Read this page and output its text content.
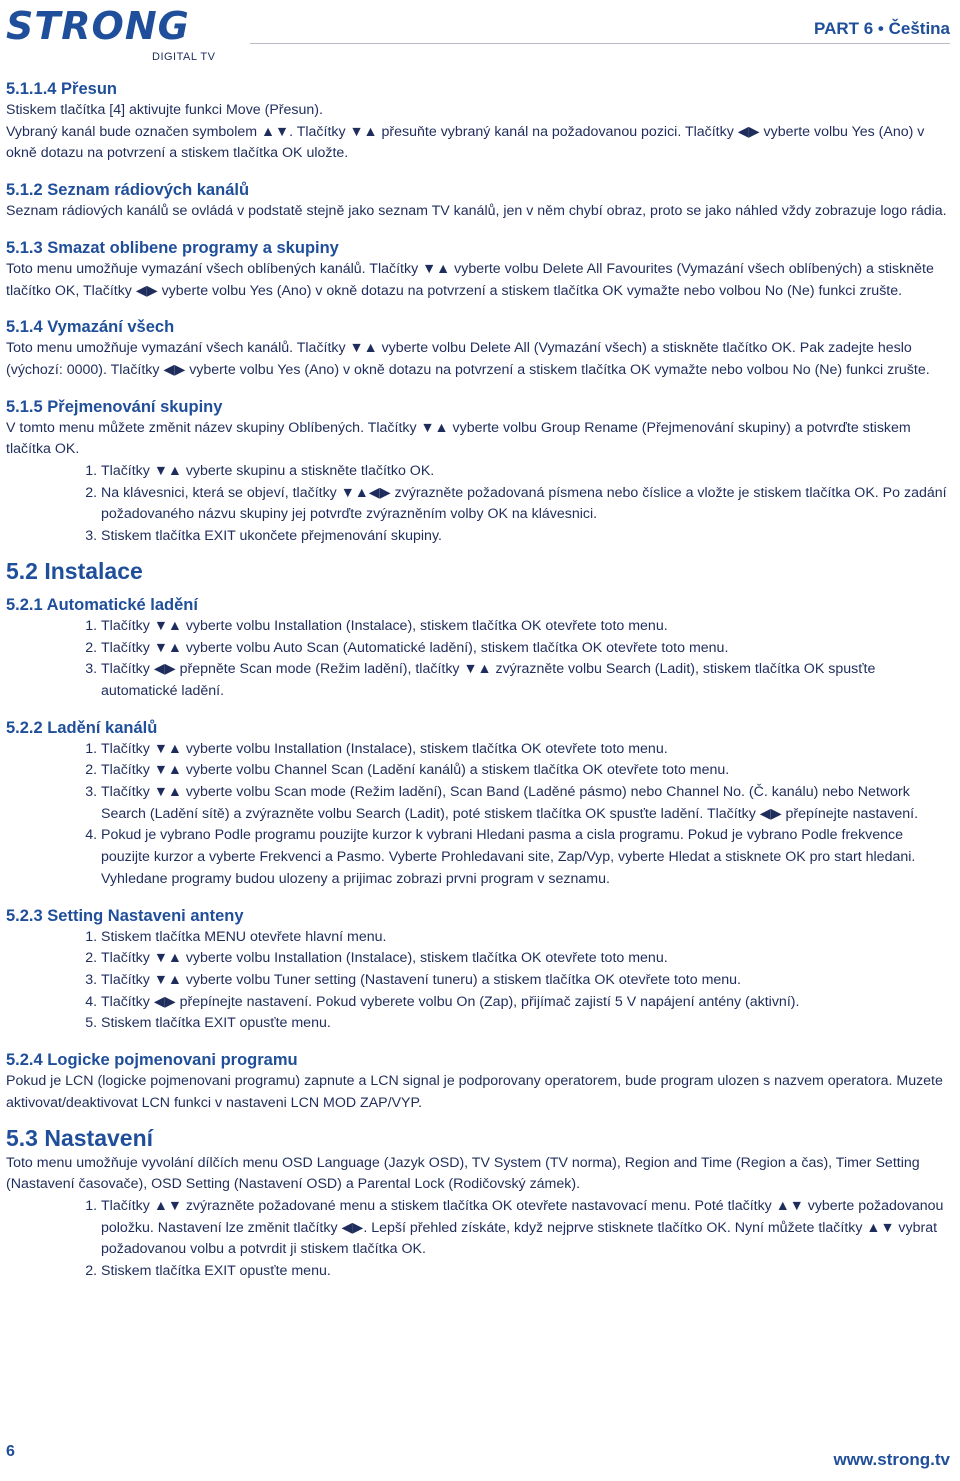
STRONG
DIGITAL TV
PART 6 • Čeština
5.1.1.4 Přesun

Stiskem tlačítka [4] aktivujte funkci Move (Přesun).

Vybraný kanál bude označen symbolem ▲▼. Tlačítky ▼▲ přesuňte vybraný kanál na požadovanou pozici. Tlačítky ◀▶ vyberte volbu Yes (Ano) v okně dotazu na potvrzení a stiskem tlačítka OK uložte.

5.1.2 Seznam rádiových kanálů

Seznam rádiových kanálů se ovládá v podstatě stejně jako seznam TV kanálů, jen v něm chybí obraz, proto se jako náhled vždy zobrazuje logo rádia.

5.1.3 Smazat oblibene programy a skupiny

Toto menu umožňuje vymazání všech oblíbených kanálů. Tlačítky ▼▲ vyberte volbu Delete All Favourites (Vymazání všech oblíbených) a stiskněte tlačítko OK, Tlačítky ◀▶ vyberte volbu Yes (Ano) v okně dotazu na potvrzení a stiskem tlačítka OK vymažte nebo volbou No (Ne) funkci zrušte.

5.1.4 Vymazání všech

Toto menu umožňuje vymazání všech kanálů. Tlačítky ▼▲ vyberte volbu Delete All (Vymazání všech) a stiskněte tlačítko OK. Pak zadejte heslo (výchozí: 0000). Tlačítky ◀▶ vyberte volbu Yes (Ano) v okně dotazu na potvrzení a stiskem tlačítka OK vymažte nebo volbou No (Ne) funkci zrušte.

5.1.5 Přejmenování skupiny

V tomto menu můžete změnit název skupiny Oblíbených. Tlačítky ▼▲ vyberte volbu Group Rename (Přejmenování skupiny) a potvrďte stiskem tlačítka OK.

1. Tlačítky ▼▲ vyberte skupinu a stiskněte tlačítko OK.
2. Na klávesnici, která se objeví, tlačítky ▼▲◀▶ zvýrazněte požadovaná písmena nebo číslice a vložte je stiskem tlačítka OK. Po zadání požadovaného názvu skupiny jej potvrďte zvýrazněním volby OK na klávesnici.
3. Stiskem tlačítka EXIT ukončete přejmenování skupiny.
5.2 Instalace
5.2.1 Automatické ladění
1. Tlačítky ▼▲ vyberte volbu Installation (Instalace), stiskem tlačítka OK otevřete toto menu.
2. Tlačítky ▼▲ vyberte volbu Auto Scan (Automatické ladění), stiskem tlačítka OK otevřete toto menu.
3. Tlačítky ◀▶ přepněte Scan mode (Režim ladění), tlačítky ▼▲ zvýrazněte volbu Search (Ladit), stiskem tlačítka OK spusťte automatické ladění.
5.2.2 Ladění kanálů
1. Tlačítky ▼▲ vyberte volbu Installation (Instalace), stiskem tlačítka OK otevřete toto menu.
2. Tlačítky ▼▲ vyberte volbu Channel Scan (Ladění kanálů) a stiskem tlačítka OK otevřete toto menu.
3. Tlačítky ▼▲ vyberte volbu Scan mode (Režim ladění), Scan Band (Laděné pásmo) nebo Channel No. (Č. kanálu) nebo Network Search (Ladění sítě) a zvýrazněte volbu Search (Ladit), poté stiskem tlačítka OK spusťte ladění. Tlačítky ◀▶ přepínejte nastavení.
4. Pokud je vybrano Podle programu pouzijte kurzor k vybrani Hledani pasma a cisla programu. Pokud je vybrano Podle frekvence pouzijte kurzor a vyberte Frekvenci a Pasmo. Vyberte Prohledavani site, Zap/Vyp, vyberte Hledat a stisknete OK pro start hledani. Vyhledane programy budou ulozeny a prijimac zobrazi prvni program v seznamu.
5.2.3 Setting Nastaveni anteny
1. Stiskem tlačítka MENU otevřete hlavní menu.
2. Tlačítky ▼▲ vyberte volbu Installation (Instalace), stiskem tlačítka OK otevřete toto menu.
3. Tlačítky ▼▲ vyberte volbu Tuner setting (Nastavení tuneru) a stiskem tlačítka OK otevřete toto menu.
4. Tlačítky ◀▶ přepínejte nastavení. Pokud vyberete volbu On (Zap), přijímač zajistí 5 V napájení antény (aktivní).
5. Stiskem tlačítka EXIT opusťte menu.
5.2.4 Logicke pojmenovani programu

Pokud je LCN (logicke pojmenovani programu) zapnute a LCN signal je podporovany operatorem, bude program ulozen s nazvem operatora. Muzete aktivovat/deaktivovat LCN funkci v nastaveni LCN MOD ZAP/VYP.

5.3 Nastavení

Toto menu umožňuje vyvolání dílčích menu OSD Language (Jazyk OSD), TV System (TV norma), Region and Time (Region a čas), Timer Setting (Nastavení časovače), OSD Setting (Nastavení OSD) a Parental Lock (Rodičovský zámek).

1. Tlačítky ▲▼ zvýrazněte požadované menu a stiskem tlačítka OK otevřete nastavovací menu. Poté tlačítky ▲▼ vyberte požadovanou položku. Nastavení lze změnit tlačítky ◀▶. Lepší přehled získáte, když nejprve stisknete tlačítko OK. Nyní můžete tlačítky ▲▼ vybrat požadovanou volbu a potvrdit ji stiskem tlačítka OK.
2. Stiskem tlačítka EXIT opusťte menu.
6	www.strong.tv
